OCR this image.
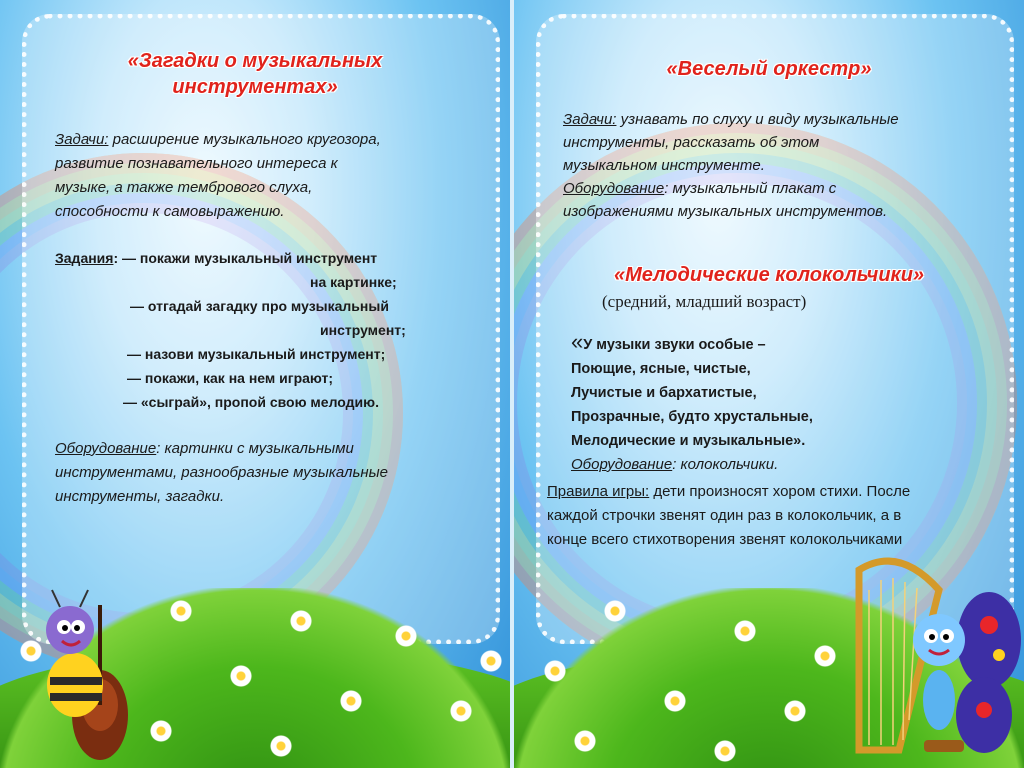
«Загадки о музыкальных
инструментах»
Задачи: расширение музыкального кругозора,
развитие познавательного интереса к
музыке, а также тембрового слуха,
способности к самовыражению.
Задания: — покажи музыкальный инструмент
на картинке;
— отгадай загадку про музыкальный
инструмент;
— назови музыкальный инструмент;
— покажи, как на нем играют;
— «сыграй», пропой свою мелодию.
Оборудование: картинки с музыкальными
инструментами, разнообразные музыкальные
инструменты, загадки.
«Веселый оркестр»
Задачи: узнавать по слуху и виду музыкальные
инструменты, рассказать об этом
музыкальном инструменте.
Оборудование: музыкальный плакат с
изображениями музыкальных инструментов.
«Мелодические колокольчики»
(средний, младший возраст)
«У музыки звуки особые –
Поющие, ясные, чистые,
Лучистые и бархатистые,
Прозрачные, будто хрустальные,
Мелодические и музыкальные».
Оборудование: колокольчики.
Правила игры: дети произносят хором стихи. После
каждой строчки звенят один раз в колокольчик, а в
конце всего стихотворения звенят колокольчиками
